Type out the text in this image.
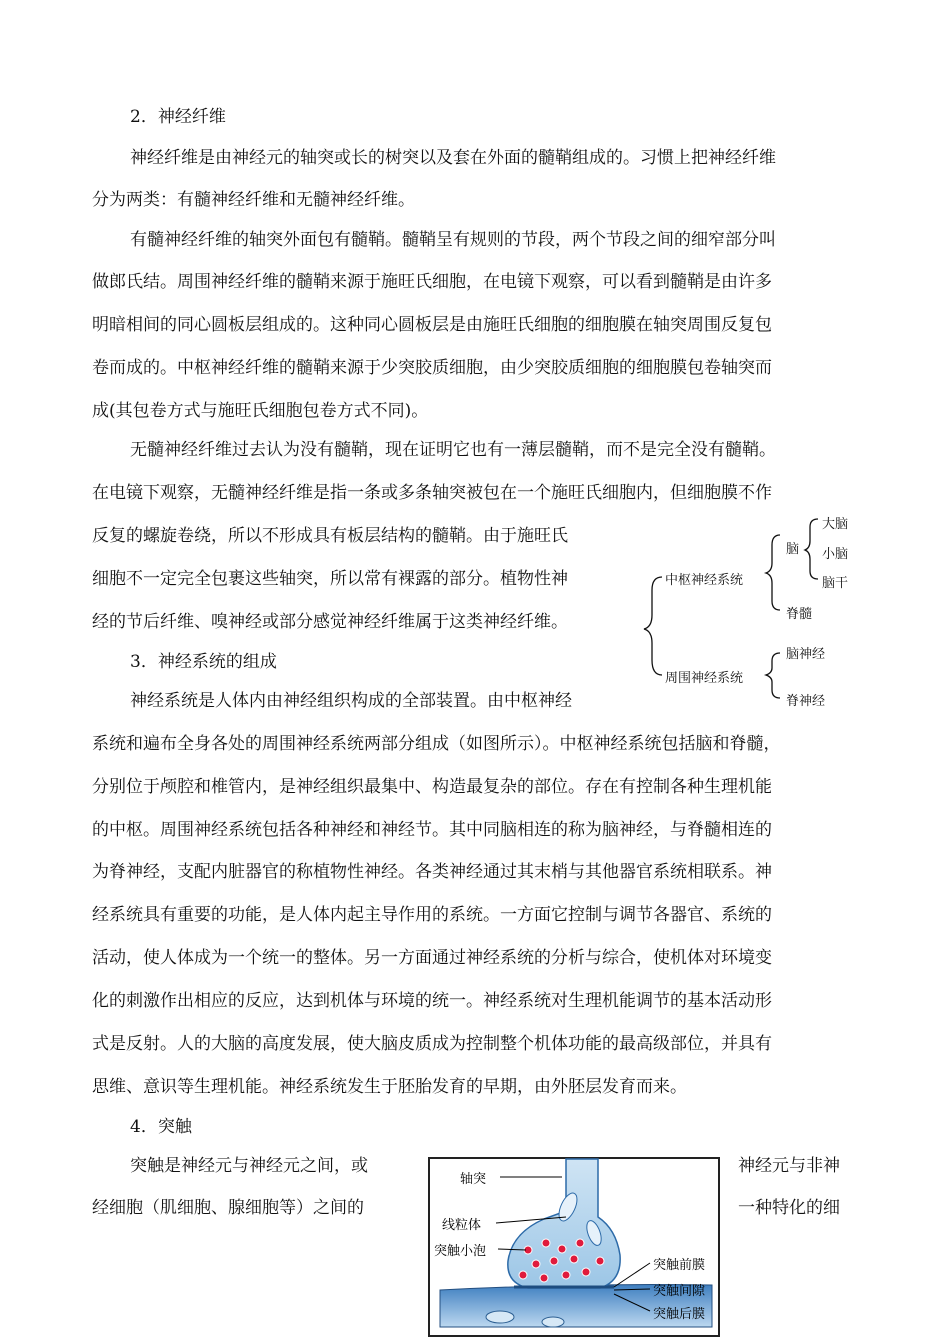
2．神经纤维
神经纤维是由神经元的轴突或长的树突以及套在外面的髓鞘组成的。习惯上把神经纤维
分为两类：有髓神经纤维和无髓神经纤维。
有髓神经纤维的轴突外面包有髓鞘。髓鞘呈有规则的节段，两个节段之间的细窄部分叫
做郎氏结。周围神经纤维的髓鞘来源于施旺氏细胞，在电镜下观察，可以看到髓鞘是由许多
明暗相间的同心圆板层组成的。这种同心圆板层是由施旺氏细胞的细胞膜在轴突周围反复包
卷而成的。中枢神经纤维的髓鞘来源于少突胶质细胞，由少突胶质细胞的细胞膜包卷轴突而
成(其包卷方式与施旺氏细胞包卷方式不同)。
无髓神经纤维过去认为没有髓鞘，现在证明它也有一薄层髓鞘，而不是完全没有髓鞘。
在电镜下观察，无髓神经纤维是指一条或多条轴突被包在一个施旺氏细胞内，但细胞膜不作
反复的螺旋卷绕，所以不形成具有板层结构的髓鞘。由于施旺氏
细胞不一定完全包裹这些轴突，所以常有裸露的部分。植物性神
经的节后纤维、嗅神经或部分感觉神经纤维属于这类神经纤维。
3．神经系统的组成
神经系统是人体内由神经组织构成的全部装置。由中枢神经
系统和遍布全身各处的周围神经系统两部分组成（如图所示）。中枢神经系统包括脑和脊髓，
分别位于颅腔和椎管内，是神经组织最集中、构造最复杂的部位。存在有控制各种生理机能
的中枢。周围神经系统包括各种神经和神经节。其中同脑相连的称为脑神经，与脊髓相连的
为脊神经，支配内脏器官的称植物性神经。各类神经通过其末梢与其他器官系统相联系。神
经系统具有重要的功能，是人体内起主导作用的系统。一方面它控制与调节各器官、系统的
活动，使人体成为一个统一的整体。另一方面通过神经系统的分析与综合，使机体对环境变
化的刺激作出相应的反应，达到机体与环境的统一。神经系统对生理机能调节的基本活动形
式是反射。人的大脑的高度发展，使大脑皮质成为控制整个机体功能的最高级部位，并具有
思维、意识等生理机能。神经系统发生于胚胎发育的早期，由外胚层发育而来。
中枢神经系统
脑
大脑
小脑
脑干
脊髓
周围神经系统
脑神经
脊神经
4．突触
突触是神经元与神经元之间，或	神经元与非神
经细胞（肌细胞、腺细胞等）之间的	一种特化的细
轴突
线粒体
突触小泡
突触前膜
突触间隙
突触后膜
